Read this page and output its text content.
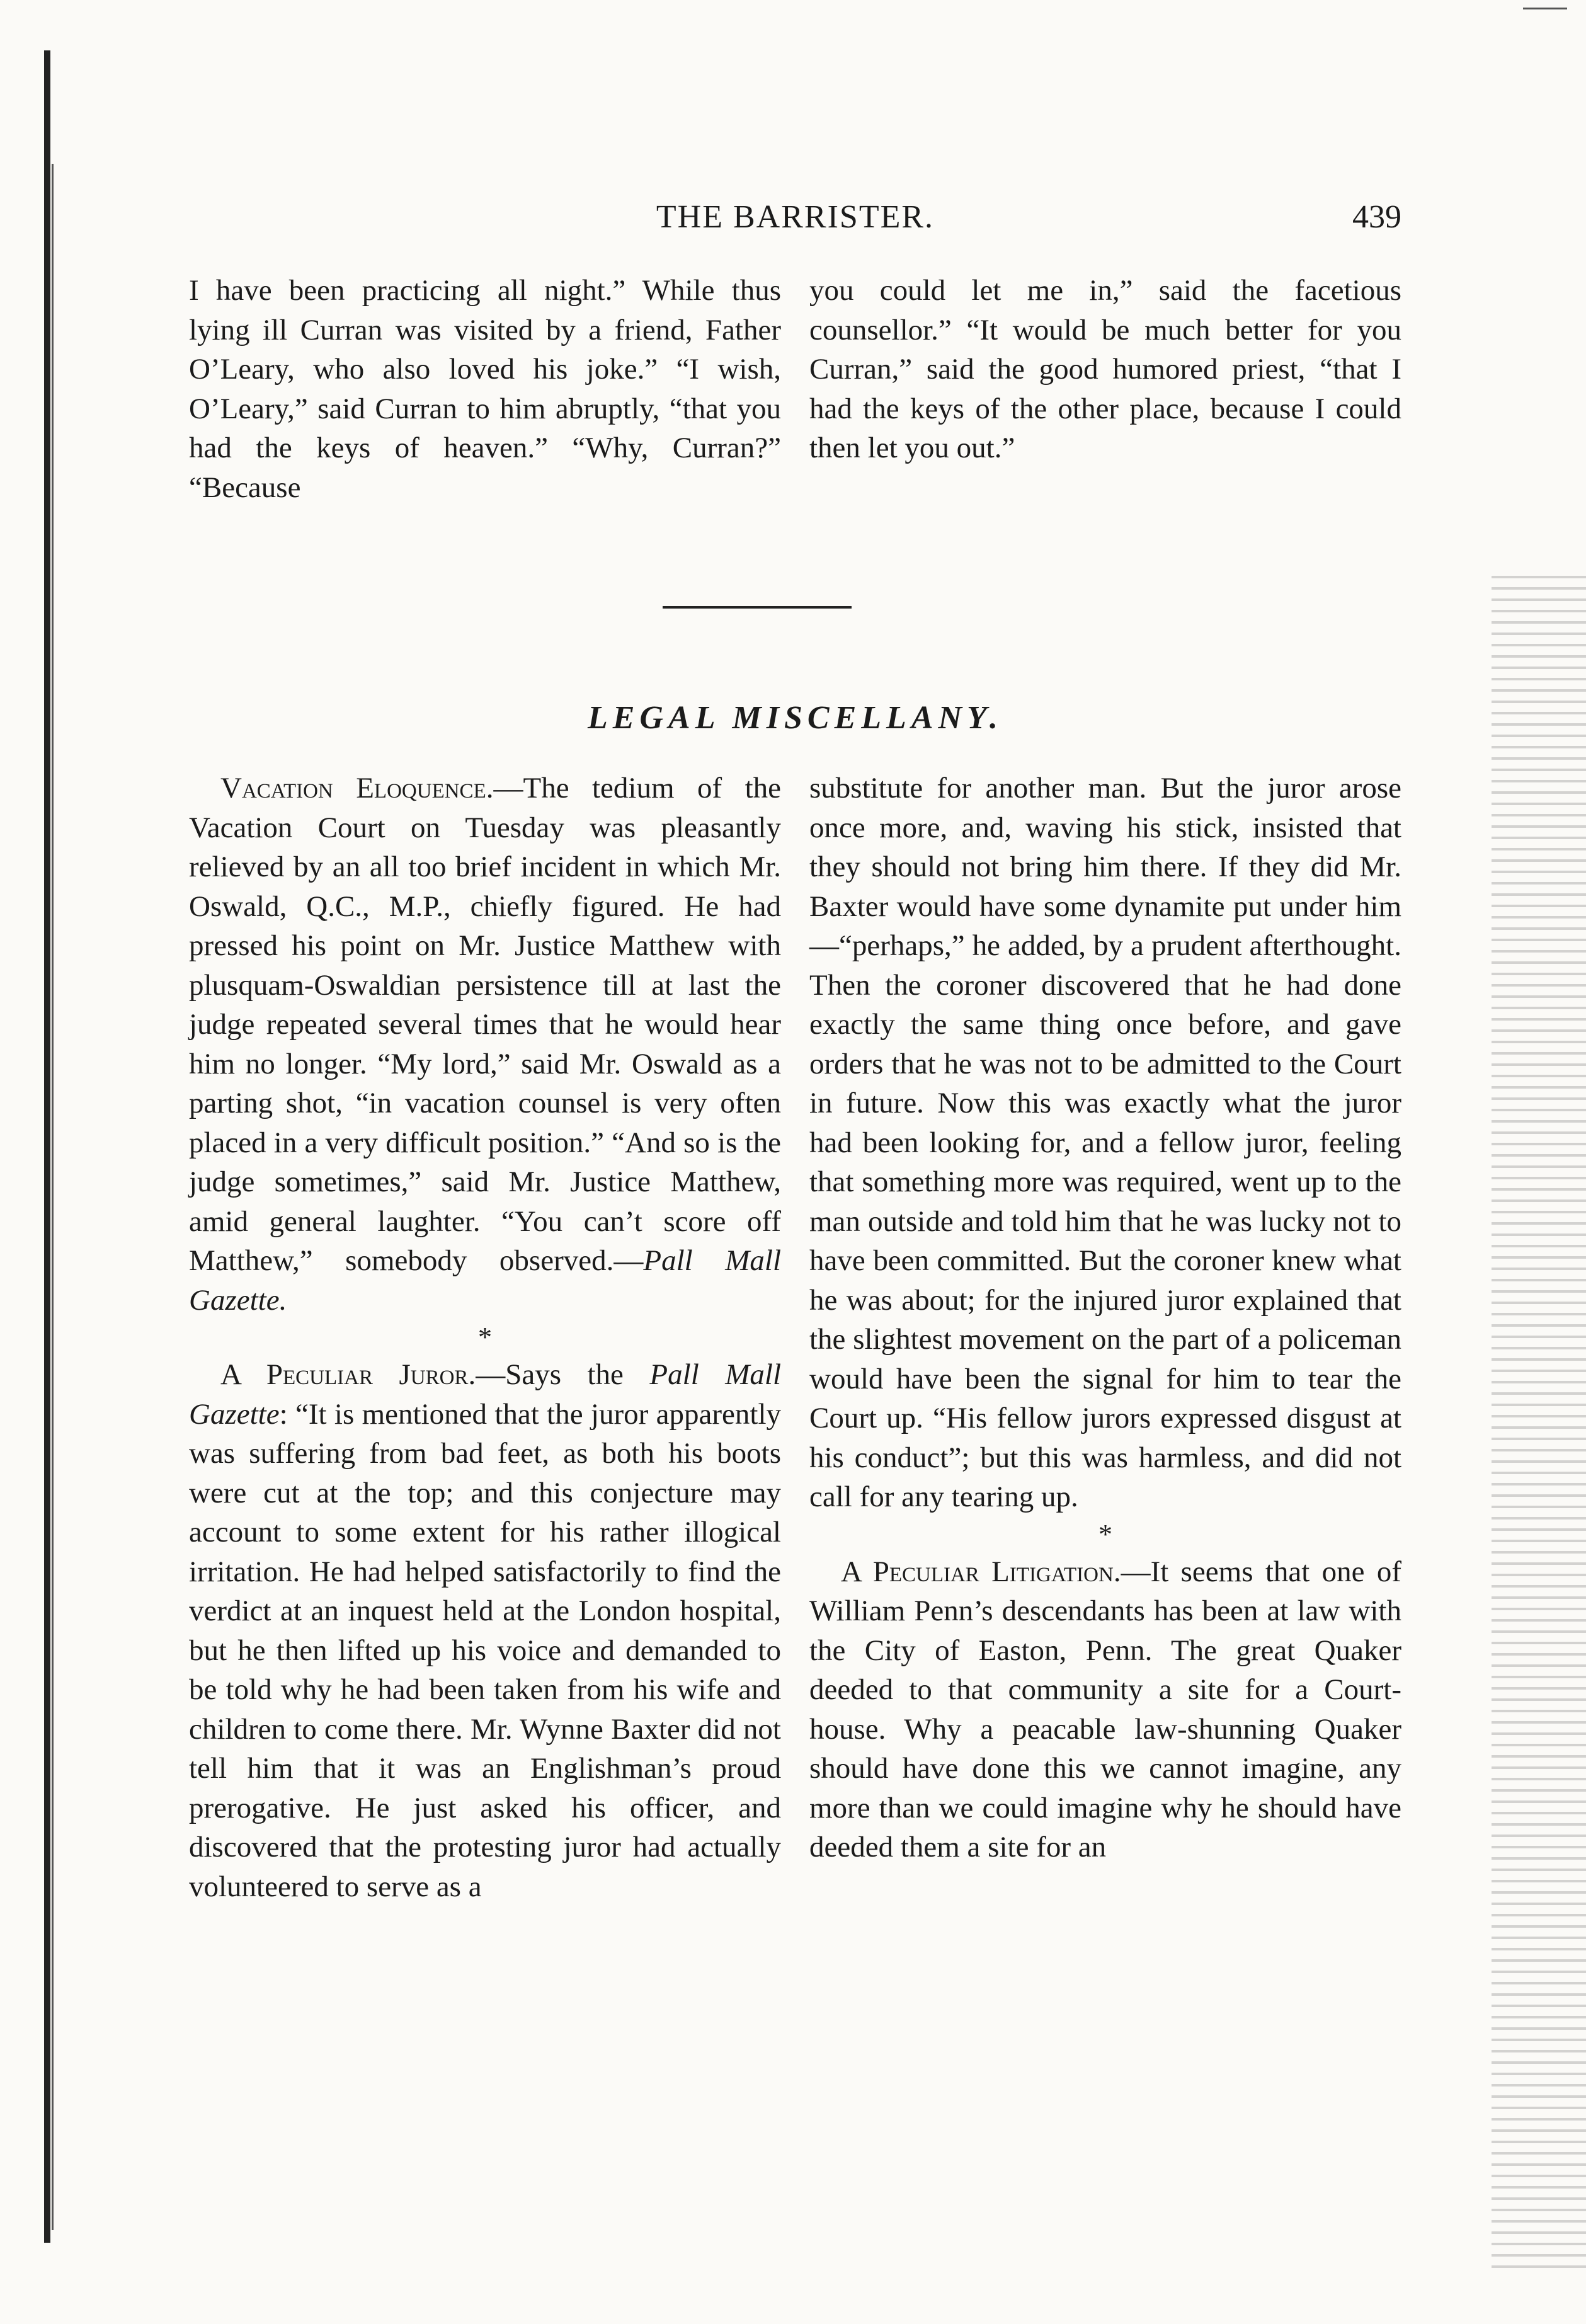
THE BARRISTER.	439

I have been practicing all night.” While thus lying ill Curran was visited by a friend, Father O’Leary, who also loved his joke.” “I wish, O’Leary,” said Curran to him abruptly, “that you had the keys of heaven.” “Why, Curran?” “Because

you could let me in,” said the facetious counsellor.” “It would be much better for you Curran,” said the good humored priest, “that I had the keys of the other place, because I could then let you out.”

LEGAL MISCELLANY.

Vacation Eloquence.—The tedium of the Vacation Court on Tuesday was pleasantly relieved by an all too brief incident in which Mr. Oswald, Q.C., M.P., chiefly figured. He had pressed his point on Mr. Justice Matthew with plusquam-Oswaldian persistence till at last the judge repeated several times that he would hear him no longer. “My lord,” said Mr. Oswald as a parting shot, “in vacation counsel is very often placed in a very difficult position.” “And so is the judge sometimes,” said Mr. Justice Matthew, amid general laughter. “You can’t score off Matthew,” somebody observed.—Pall Mall Gazette.

*

A Peculiar Juror.—Says the Pall Mall Gazette: “It is mentioned that the juror apparently was suffering from bad feet, as both his boots were cut at the top; and this conjecture may account to some extent for his rather illogical irritation. He had helped satisfactorily to find the verdict at an inquest held at the London hospital, but he then lifted up his voice and demanded to be told why he had been taken from his wife and children to come there. Mr. Wynne Baxter did not tell him that it was an Englishman’s proud prerogative. He just asked his officer, and discovered that the protesting juror had actually volunteered to serve as a

substitute for another man. But the juror arose once more, and, waving his stick, insisted that they should not bring him there. If they did Mr. Baxter would have some dynamite put under him—“perhaps,” he added, by a prudent afterthought. Then the coroner discovered that he had done exactly the same thing once before, and gave orders that he was not to be admitted to the Court in future. Now this was exactly what the juror had been looking for, and a fellow juror, feeling that something more was required, went up to the man outside and told him that he was lucky not to have been committed. But the coroner knew what he was about; for the injured juror explained that the slightest movement on the part of a policeman would have been the signal for him to tear the Court up. “His fellow jurors expressed disgust at his conduct”; but this was harmless, and did not call for any tearing up.

*

A Peculiar Litigation.—It seems that one of William Penn’s descendants has been at law with the City of Easton, Penn. The great Quaker deeded to that community a site for a Court-house. Why a peacable law-shunning Quaker should have done this we cannot imagine, any more than we could imagine why he should have deeded them a site for an
